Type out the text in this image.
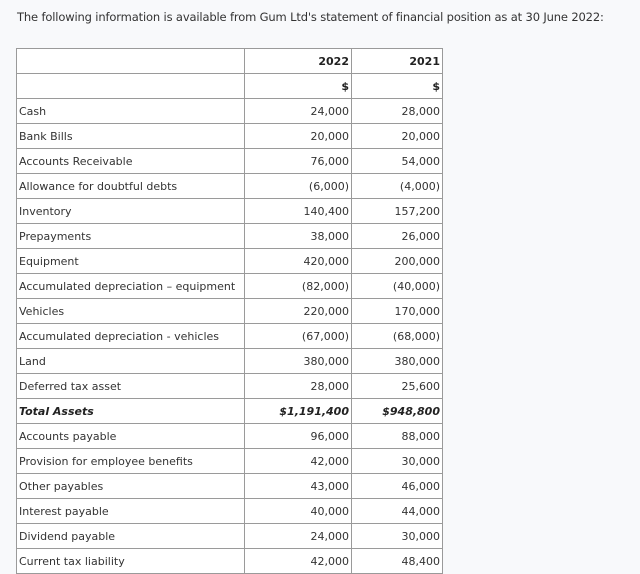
The following information is available from Gum Ltd's statement of financial position as at 30 June 2022:
	2022	2021
	$	$
Cash	24,000	28,000
Bank Bills	20,000	20,000
Accounts Receivable	76,000	54,000
Allowance for doubtful debts	(6,000)	(4,000)
Inventory	140,400	157,200
Prepayments	38,000	26,000
Equipment	420,000	200,000
Accumulated depreciation – equipment	(82,000)	(40,000)
Vehicles	220,000	170,000
Accumulated depreciation - vehicles	(67,000)	(68,000)
Land	380,000	380,000
Deferred tax asset	28,000	25,600
Total Assets	$1,191,400	$948,800
Accounts payable	96,000	88,000
Provision for employee benefits	42,000	30,000
Other payables	43,000	46,000
Interest payable	40,000	44,000
Dividend payable	24,000	30,000
Current tax liability	42,000	48,400
